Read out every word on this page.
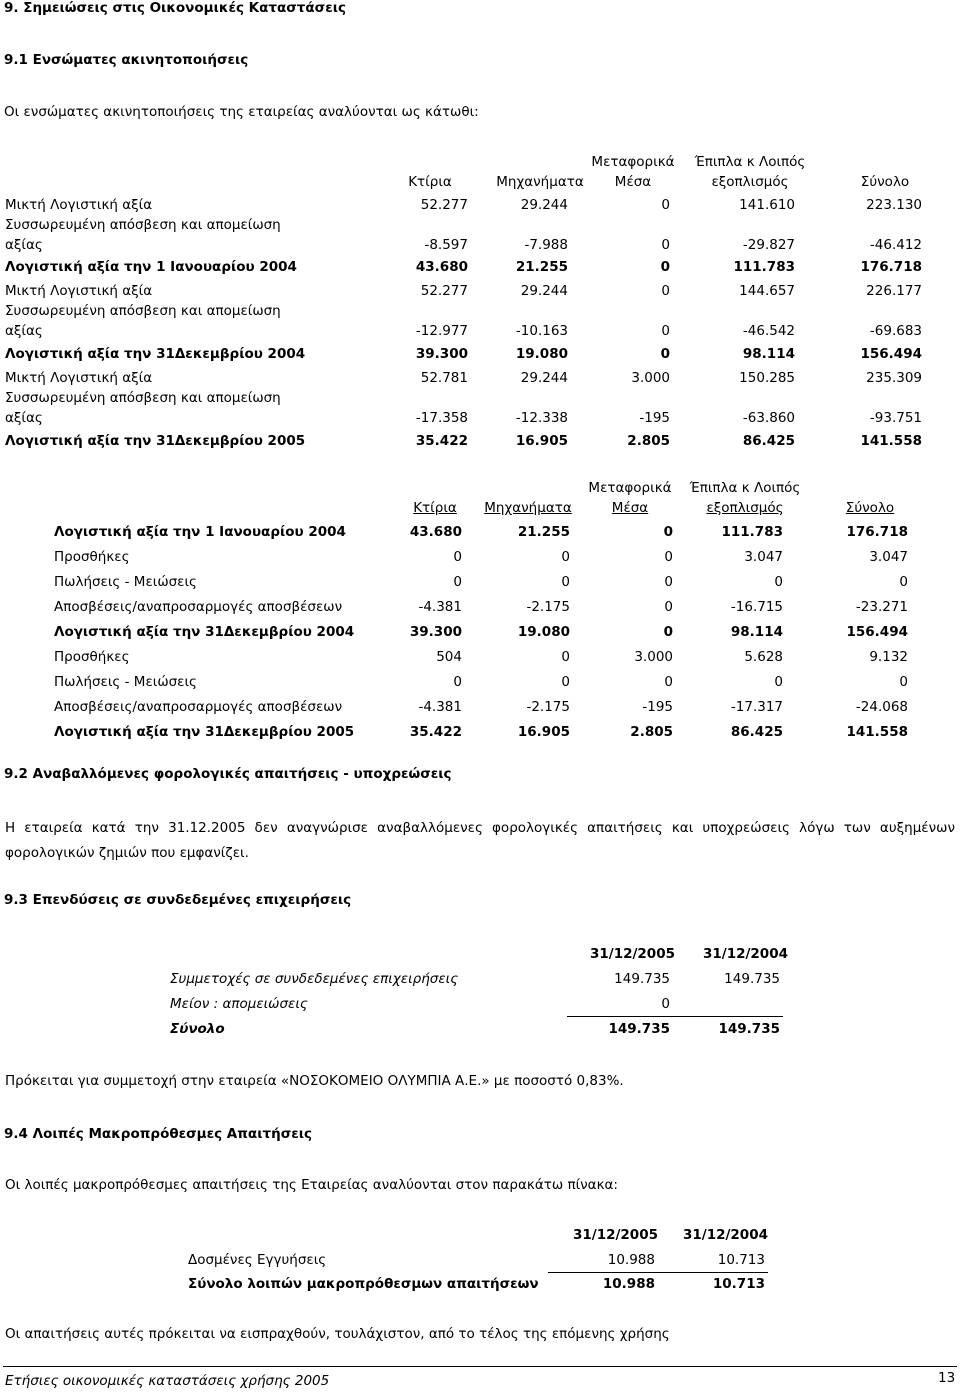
9. Σημειώσεις στις Οικονομικές Καταστάσεις
9.1 Ενσώματες ακινητοποιήσεις
Οι ενσώματες ακινητοποιήσεις της εταιρείας αναλύονται ως κάτωθι:
Κτίρια	Μηχανήματα
Μεταφορικά
Μέσα
Έπιπλα κ Λοιπός
εξοπλισμός	Σύνολο
Μικτή Λογιστική αξία	52.277	29.244	0	141.610	223.130
Συσσωρευμένη απόσβεση και απομείωση
αξίας	-8.597	-7.988	0	-29.827	-46.412
Λογιστική αξία την 1 Ιανουαρίου 2004	43.680	21.255	0	111.783	176.718
Μικτή Λογιστική αξία	52.277	29.244	0	144.657	226.177
Συσσωρευμένη απόσβεση και απομείωση
αξίας	-12.977	-10.163	0	-46.542	-69.683
Λογιστική αξία την 31Δεκεμβρίου 2004	39.300	19.080	0	98.114	156.494
Μικτή Λογιστική αξία	52.781	29.244	3.000	150.285	235.309
Συσσωρευμένη απόσβεση και απομείωση
αξίας	-17.358	-12.338	-195	-63.860	-93.751
Λογιστική αξία την 31Δεκεμβρίου 2005	35.422	16.905	2.805	86.425	141.558
Κτίρια	Μηχανήματα
Μεταφορικά
Μέσα
Έπιπλα κ Λοιπός
εξοπλισμός	Σύνολο
Λογιστική αξία την 1 Ιανουαρίου 2004	43.680	21.255	0	111.783	176.718
Προσθήκες	0	0	0	3.047	3.047
Πωλήσεις - Μειώσεις	0	0	0	0	0
Αποσβέσεις/αναπροσαρμογές αποσβέσεων	-4.381	-2.175	0	-16.715	-23.271
Λογιστική αξία την 31Δεκεμβρίου 2004	39.300	19.080	0	98.114	156.494
Προσθήκες	504	0	3.000	5.628	9.132
Πωλήσεις - Μειώσεις	0	0	0	0	0
Αποσβέσεις/αναπροσαρμογές αποσβέσεων	-4.381	-2.175	-195	-17.317	-24.068
Λογιστική αξία την 31Δεκεμβρίου 2005	35.422	16.905	2.805	86.425	141.558
9.2 Αναβαλλόμενες φορολογικές απαιτήσεις - υποχρεώσεις
Η εταιρεία κατά την 31.12.2005 δεν αναγνώρισε αναβαλλόμενες φορολογικές απαιτήσεις και υποχρεώσεις λόγω των αυξημένων
φορολογικών ζημιών που εμφανίζει.
9.3 Επενδύσεις σε συνδεδεμένες επιχειρήσεις
31/12/2005	31/12/2004
Συμμετοχές σε συνδεδεμένες επιχειρήσεις	149.735	149.735
Μείον : απομειώσεις	0
Σύνολο	149.735	149.735
Πρόκειται για συμμετοχή στην εταιρεία «ΝΟΣΟΚΟΜΕΙΟ ΟΛΥΜΠΙΑ Α.Ε.» με ποσοστό 0,83%.
9.4 Λοιπές Μακροπρόθεσμες Απαιτήσεις
Οι λοιπές μακροπρόθεσμες απαιτήσεις της Εταιρείας αναλύονται στον παρακάτω πίνακα:
31/12/2005	31/12/2004
Δοσμένες Εγγυήσεις	10.988	10.713
Σύνολο λοιπών μακροπρόθεσμων απαιτήσεων	10.988	10.713
Οι απαιτήσεις αυτές πρόκειται να εισπραχθούν, τουλάχιστον, από το τέλος της επόμενης χρήσης
Ετήσιες οικονομικές καταστάσεις χρήσης 2005	13
